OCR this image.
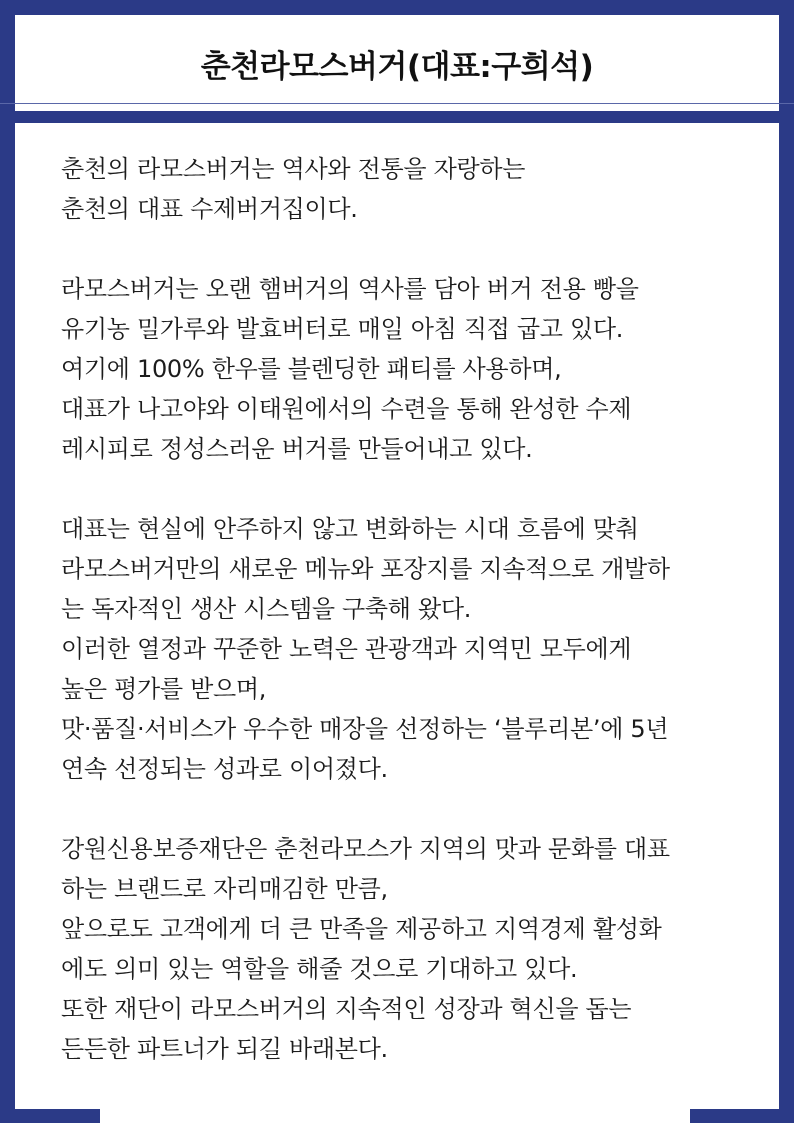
춘천라모스버거(대표:구희석)
춘천의 라모스버거는 역사와 전통을 자랑하는
춘천의 대표 수제버거집이다.
라모스버거는 오랜 햄버거의 역사를 담아 버거 전용 빵을
유기농 밀가루와 발효버터로 매일 아침 직접 굽고 있다.
여기에 100% 한우를 블렌딩한 패티를 사용하며,
대표가 나고야와 이태원에서의 수련을 통해 완성한 수제
레시피로 정성스러운 버거를 만들어내고 있다.
대표는 현실에 안주하지 않고 변화하는 시대 흐름에 맞춰
라모스버거만의 새로운 메뉴와 포장지를 지속적으로 개발하
는 독자적인 생산 시스템을 구축해 왔다.
이러한 열정과 꾸준한 노력은 관광객과 지역민 모두에게
높은 평가를 받으며,
맛·품질·서비스가 우수한 매장을 선정하는 ‘블루리본’에 5년
연속 선정되는 성과로 이어졌다.
강원신용보증재단은 춘천라모스가 지역의 맛과 문화를 대표
하는 브랜드로 자리매김한 만큼,
앞으로도 고객에게 더 큰 만족을 제공하고 지역경제 활성화
에도 의미 있는 역할을 해줄 것으로 기대하고 있다.
또한 재단이 라모스버거의 지속적인 성장과 혁신을 돕는
든든한 파트너가 되길 바래본다.
